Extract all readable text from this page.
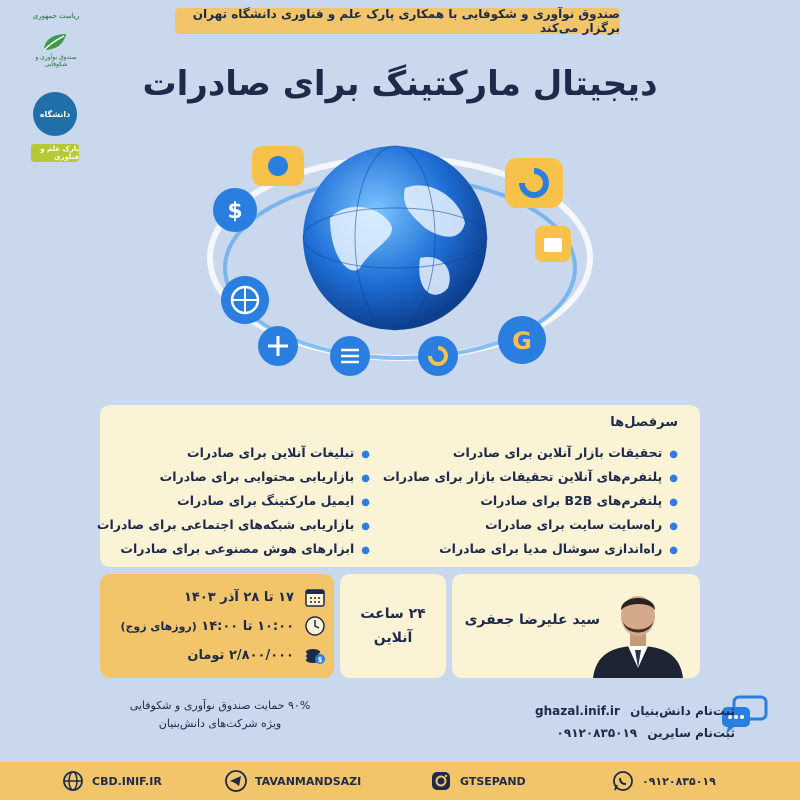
صندوق نوآوری و شکوفایی با همکاری پارک علم و فناوری دانشگاه تهران برگزار می‌کند
ریاست جمهوری
صندوق نوآوری و شکوفایی
دانشگاه
پارک علم و فناوری
دیجیتال مارکتینگ برای صادرات
$
G
سرفصل‌ها
●تحقیقات بازار آنلاین برای صادرات
●پلتفرم‌های آنلاین تحقیقات بازار برای صادرات
●پلتفرم‌های B2B برای صادرات
●راه‌سایت سایت برای صادرات
●راه‌اندازی سوشال مدیا برای صادرات
●تبلیغات آنلاین برای صادرات
●بازاریابی محتوایی برای صادرات
●ایمیل مارکتینگ برای صادرات
●بازاریابی شبکه‌های اجتماعی برای صادرات
●ابزارهای هوش مصنوعی برای صادرات
سید علیرضا جعفری
۲۴ ساعت
آنلاین
۱۷ تا ۲۸ آذر ۱۴۰۳
۱۰:۰۰ تا ۱۴:۰۰ (روزهای زوج)
$
۲/۸۰۰/۰۰۰ تومان
۹۰% حمایت صندوق نوآوری و شکوفایی
ویژه شرکت‌های دانش‌بنیان
ثبت‌نام دانش‌بنیان ghazal.inif.ir
ثبت‌نام سایرین ۰۹۱۲۰۸۳۵۰۱۹
CBD.INIF.IR	TAVANMANDSAZI	GTSEPAND	۰۹۱۲۰۸۳۵۰۱۹
